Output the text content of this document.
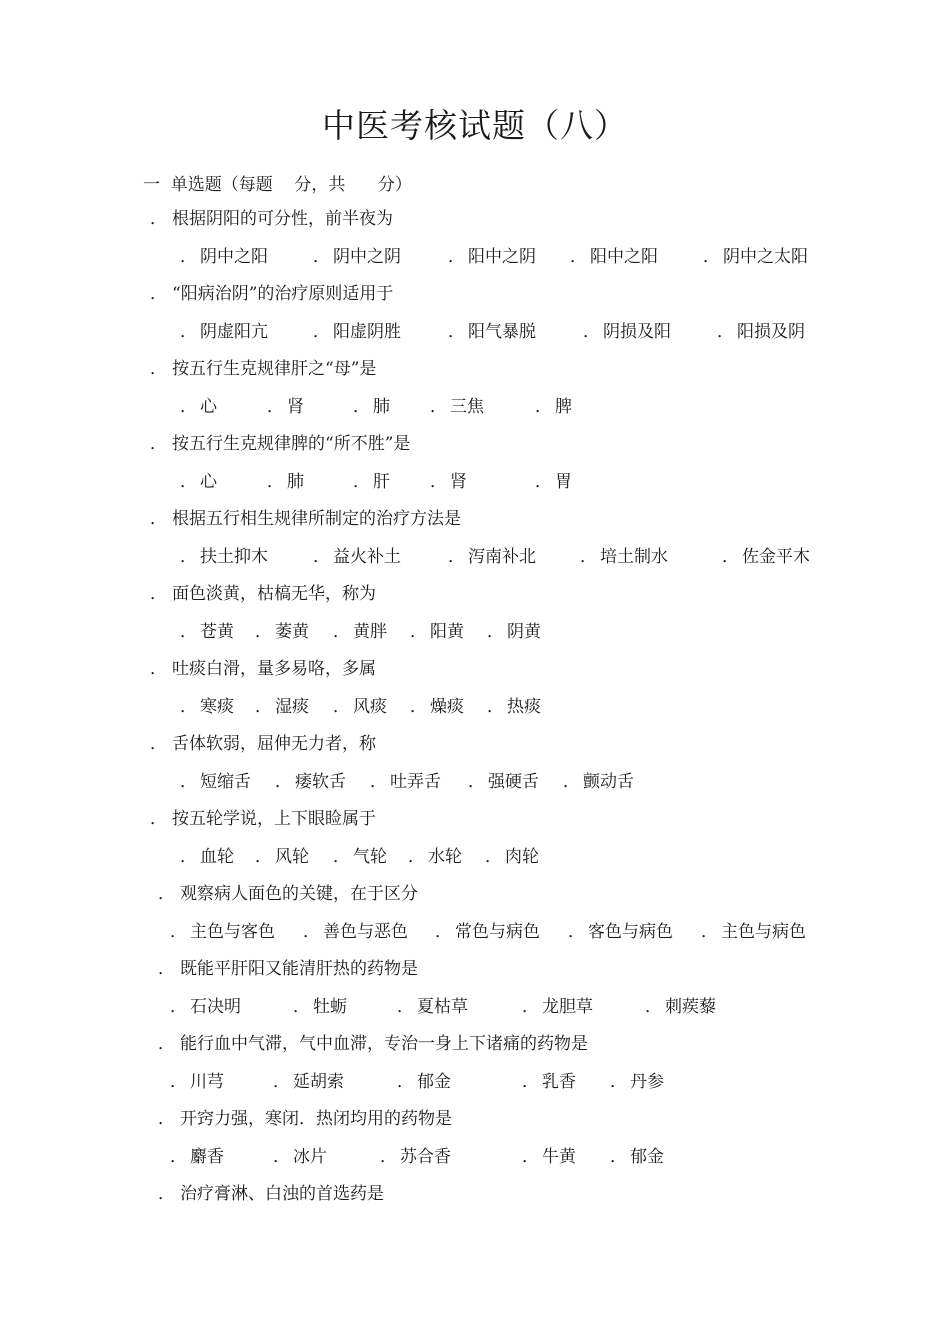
中医考核试题（八）
一  单选题（每题    分，共      分）
． 根据阴阳的可分性，前半夜为
． 阴中之阳	． 阴中之阴	． 阳中之阴 ． 阳中之阳	． 阴中之太阳
． “阳病治阴”的治疗原则适用于
． 阴虚阳亢	． 阳虚阴胜	． 阳气暴脱	． 阴损及阳	． 阳损及阴
． 按五行生克规律肝之“母”是
． 心	． 肾	． 肺 ． 三焦	． 脾
． 按五行生克规律脾的“所不胜”是
． 心	． 肺	． 肝 ． 肾	． 胃
． 根据五行相生规律所制定的治疗方法是
． 扶土抑木	． 益火补土	． 泻南补北	． 培土制水	． 佐金平木
． 面色淡黄，枯槁无华，称为
． 苍黄 ． 萎黄 ． 黄胖 ． 阳黄 ． 阴黄
． 吐痰白滑，量多易咯，多属
． 寒痰 ． 湿痰 ． 风痰 ． 燥痰 ． 热痰
． 舌体软弱，屈伸无力者，称
． 短缩舌 ． 痿软舌 ． 吐弄舌 ． 强硬舌 ． 颤动舌
． 按五轮学说，上下眼睑属于
． 血轮 ． 风轮 ． 气轮 ． 水轮 ． 肉轮
． 观察病人面色的关键，在于区分
． 主色与客色 ． 善色与恶色 ． 常色与病色 ． 客色与病色 ． 主色与病色
． 既能平肝阳又能清肝热的药物是
． 石决明	． 牡蛎	． 夏枯草	． 龙胆草	． 刺蒺藜
． 能行血中气滞，气中血滞，专治一身上下诸痛的药物是
． 川芎	． 延胡索	． 郁金	． 乳香 ． 丹参
． 开窍力强，寒闭．热闭均用的药物是
． 麝香	． 冰片	． 苏合香	． 牛黄 ． 郁金
． 治疗膏淋、白浊的首选药是
